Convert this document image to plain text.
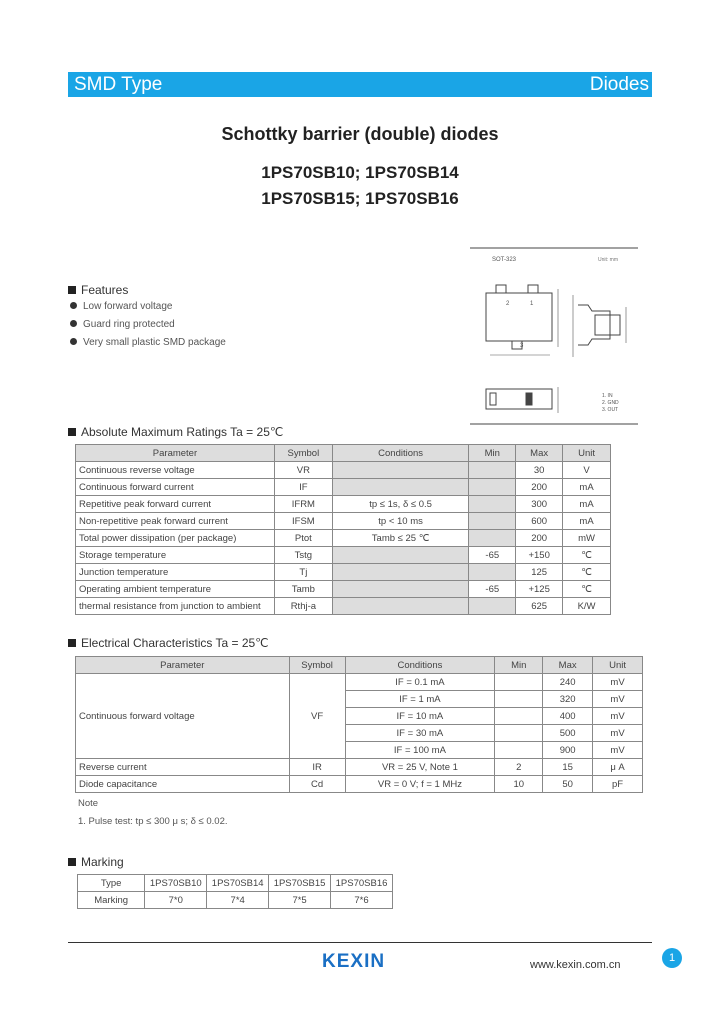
SMD Type	Diodes
Schottky barrier (double) diodes
1PS70SB10; 1PS70SB14
1PS70SB15; 1PS70SB16
SOT-323	Unit: mm
2	1
3
1. IN
2. GND
3. OUT
Features
Low forward voltage
Guard ring protected
Very small plastic SMD package
Absolute Maximum Ratings Ta = 25℃
Parameter	Symbol	Conditions	Min	Max	Unit
Continuous reverse voltage	VR			30	V
Continuous forward current	IF			200	mA
Repetitive peak forward current	IFRM	tp ≤ 1s, δ ≤ 0.5		300	mA
Non-repetitive peak forward current	IFSM	tp < 10 ms		600	mA
Total power dissipation (per package)	Ptot	Tamb ≤ 25 ℃		200	mW
Storage temperature	Tstg		-65	+150	℃
Junction temperature	Tj			125	℃
Operating ambient temperature	Tamb		-65	+125	℃
thermal resistance from junction to ambient	Rthj-a			625	K/W
Electrical Characteristics Ta = 25℃
Parameter	Symbol	Conditions	Min	Max	Unit
Continuous forward voltage	VF	IF = 0.1 mA		240	mV
		IF = 1 mA		320	mV
		IF = 10 mA		400	mV
		IF = 30 mA		500	mV
		IF = 100 mA		900	mV
Reverse current	IR	VR = 25 V, Note 1	2	15	μ A
Diode capacitance	Cd	VR = 0 V; f = 1 MHz	10	50	pF
Note
1. Pulse test: tp ≤ 300 μ s; δ ≤ 0.02.
Marking
Type	1PS70SB10	1PS70SB14	1PS70SB15	1PS70SB16
Marking	7*0	7*4	7*5	7*6
KEXIN	www.kexin.com.cn
1
